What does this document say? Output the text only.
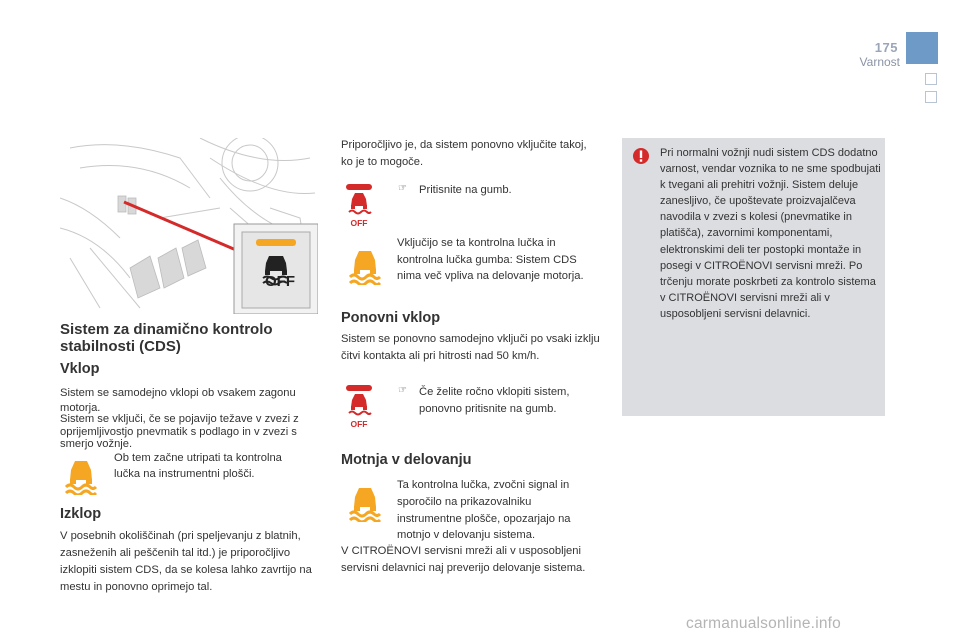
175
Varnost
OFF
Sistem za dinamično kontrolo stabilnosti (CDS)
Vklop
Sistem se samodejno vklopi ob vsakem zagonu motorja.
Sistem se vključi, če se pojavijo težave v zvezi z oprijemljivostjo pnevmatik s podlago in v zvezi s smerjo vožnje.
Ob tem začne utripati ta kontrolna lučka na instrumentni plošči.
Izklop
V posebnih okoliščinah (pri speljevanju z blatnih, zasneženih ali peščenih tal itd.) je priporočljivo izklopiti sistem CDS, da se kolesa lahko zavrtijo na mestu in ponovno oprimejo tal.
Priporočljivo je, da sistem ponovno vključite takoj, ko je to mogoče.
OFF
☞ Pritisnite na gumb.
Vključijo se ta kontrolna lučka in kontrolna lučka gumba: Sistem CDS nima več vpliva na delovanje motorja.
Ponovni vklop
Sistem se ponovno samodejno vključi po vsaki izklju čitvi kontakta ali pri hitrosti nad 50 km/h.
OFF
☞ Če želite ročno vklopiti sistem, ponovno pritisnite na gumb.
Motnja v delovanju
Ta kontrolna lučka, zvočni signal in sporočilo na prikazovalniku instrumentne plošče, opozarjajo na motnjo v delovanju sistema.
V CITROËNOVI servisni mreži ali v usposobljeni servisni delavnici naj preverijo delovanje sistema.
Pri normalni vožnji nudi sistem CDS dodatno varnost, vendar voznika to ne sme spodbujati k tvegani ali prehitri vožnji. Sistem deluje zanesljivo, če upoštevate proizvajalčeva navodila v zvezi s kolesi (pnevmatike in platišča), zavornimi komponentami, elektronskimi deli ter postopki montaže in posegi v CITROËNOVI servisni mreži. Po trčenju morate poskrbeti za kontrolo sistema v CITROËNOVI servisni mreži ali v usposobljeni servisni delavnici.
carmanualsonline.info
